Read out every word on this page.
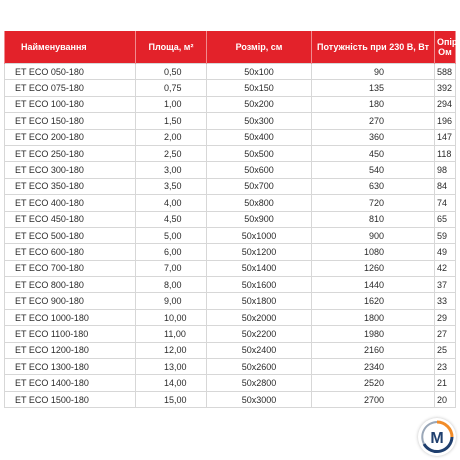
Найменування	Площа, м²	Розмір, см	Потужність при 230 В, Вт	Опір, Ом
ET ECO 050-180	0,50	50x100	90	588
ET ECO 075-180	0,75	50x150	135	392
ET ECO 100-180	1,00	50x200	180	294
ET ECO 150-180	1,50	50x300	270	196
ET ECO 200-180	2,00	50x400	360	147
ET ECO 250-180	2,50	50x500	450	118
ET ECO 300-180	3,00	50x600	540	98
ET ECO 350-180	3,50	50x700	630	84
ET ECO 400-180	4,00	50x800	720	74
ET ECO 450-180	4,50	50x900	810	65
ET ECO 500-180	5,00	50x1000	900	59
ET ECO 600-180	6,00	50x1200	1080	49
ET ECO 700-180	7,00	50x1400	1260	42
ET ECO 800-180	8,00	50x1600	1440	37
ET ECO 900-180	9,00	50x1800	1620	33
ET ECO 1000-180	10,00	50x2000	1800	29
ET ECO 1100-180	11,00	50x2200	1980	27
ET ECO 1200-180	12,00	50x2400	2160	25
ET ECO 1300-180	13,00	50x2600	2340	23
ET ECO 1400-180	14,00	50x2800	2520	21
ET ECO 1500-180	15,00	50x3000	2700	20
M
